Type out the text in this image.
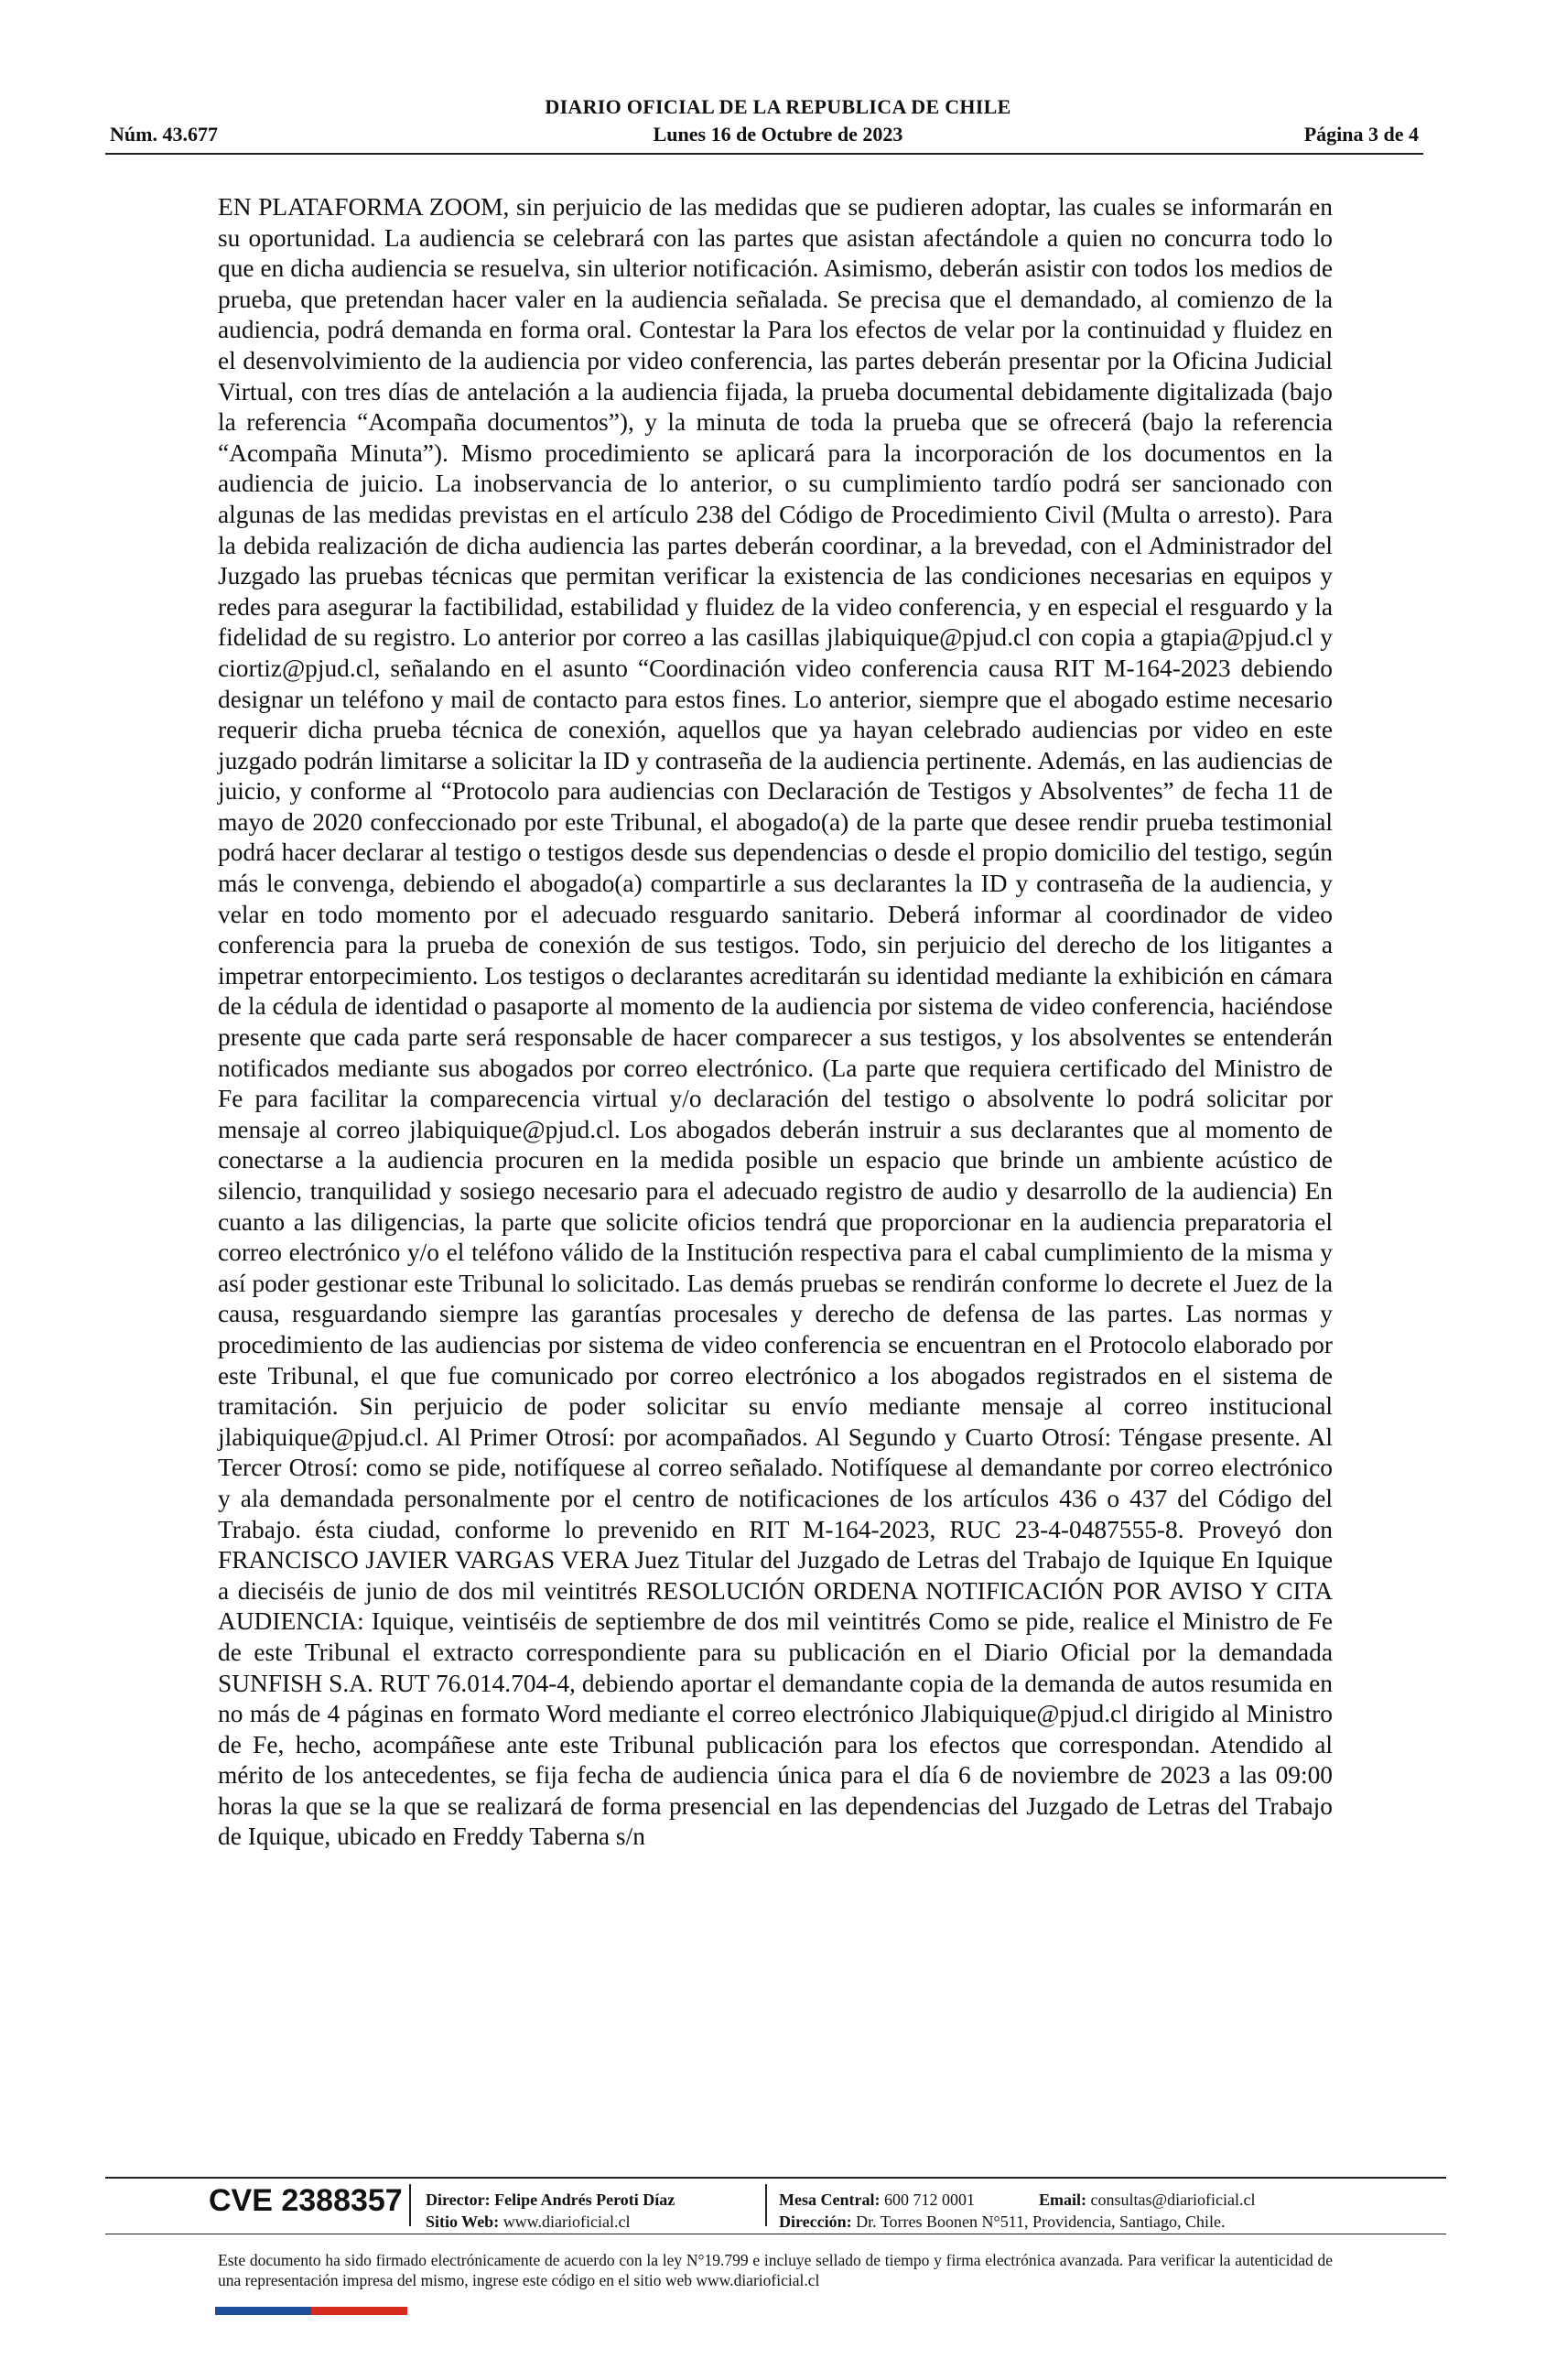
DIARIO OFICIAL DE LA REPUBLICA DE CHILE
Núm. 43.677	Lunes 16 de Octubre de 2023	Página 3 de 4
EN PLATAFORMA ZOOM, sin perjuicio de las medidas que se pudieren adoptar, las cuales se informarán en su oportunidad. La audiencia se celebrará con las partes que asistan afectándole a quien no concurra todo lo que en dicha audiencia se resuelva, sin ulterior notificación. Asimismo, deberán asistir con todos los medios de prueba, que pretendan hacer valer en la audiencia señalada. Se precisa que el demandado, al comienzo de la audiencia, podrá demanda en forma oral. Contestar la Para los efectos de velar por la continuidad y fluidez en el desenvolvimiento de la audiencia por video conferencia, las partes deberán presentar por la Oficina Judicial Virtual, con tres días de antelación a la audiencia fijada, la prueba documental debidamente digitalizada (bajo la referencia “Acompaña documentos”), y la minuta de toda la prueba que se ofrecerá (bajo la referencia “Acompaña Minuta”). Mismo procedimiento se aplicará para la incorporación de los documentos en la audiencia de juicio. La inobservancia de lo anterior, o su cumplimiento tardío podrá ser sancionado con algunas de las medidas previstas en el artículo 238 del Código de Procedimiento Civil (Multa o arresto). Para la debida realización de dicha audiencia las partes deberán coordinar, a la brevedad, con el Administrador del Juzgado las pruebas técnicas que permitan verificar la existencia de las condiciones necesarias en equipos y redes para asegurar la factibilidad, estabilidad y fluidez de la video conferencia, y en especial el resguardo y la fidelidad de su registro. Lo anterior por correo a las casillas jlabiquique@pjud.cl con copia a gtapia@pjud.cl y ciortiz@pjud.cl, señalando en el asunto “Coordinación video conferencia causa RIT M-164-2023 debiendo designar un teléfono y mail de contacto para estos fines. Lo anterior, siempre que el abogado estime necesario requerir dicha prueba técnica de conexión, aquellos que ya hayan celebrado audiencias por video en este juzgado podrán limitarse a solicitar la ID y contraseña de la audiencia pertinente. Además, en las audiencias de juicio, y conforme al “Protocolo para audiencias con Declaración de Testigos y Absolventes” de fecha 11 de mayo de 2020 confeccionado por este Tribunal, el abogado(a) de la parte que desee rendir prueba testimonial podrá hacer declarar al testigo o testigos desde sus dependencias o desde el propio domicilio del testigo, según más le convenga, debiendo el abogado(a) compartirle a sus declarantes la ID y contraseña de la audiencia, y velar en todo momento por el adecuado resguardo sanitario. Deberá informar al coordinador de video conferencia para la prueba de conexión de sus testigos. Todo, sin perjuicio del derecho de los litigantes a impetrar entorpecimiento. Los testigos o declarantes acreditarán su identidad mediante la exhibición en cámara de la cédula de identidad o pasaporte al momento de la audiencia por sistema de video conferencia, haciéndose presente que cada parte será responsable de hacer comparecer a sus testigos, y los absolventes se entenderán notificados mediante sus abogados por correo electrónico. (La parte que requiera certificado del Ministro de Fe para facilitar la comparecencia virtual y/o declaración del testigo o absolvente lo podrá solicitar por mensaje al correo jlabiquique@pjud.cl. Los abogados deberán instruir a sus declarantes que al momento de conectarse a la audiencia procuren en la medida posible un espacio que brinde un ambiente acústico de silencio, tranquilidad y sosiego necesario para el adecuado registro de audio y desarrollo de la audiencia) En cuanto a las diligencias, la parte que solicite oficios tendrá que proporcionar en la audiencia preparatoria el correo electrónico y/o el teléfono válido de la Institución respectiva para el cabal cumplimiento de la misma y así poder gestionar este Tribunal lo solicitado. Las demás pruebas se rendirán conforme lo decrete el Juez de la causa, resguardando siempre las garantías procesales y derecho de defensa de las partes. Las normas y procedimiento de las audiencias por sistema de video conferencia se encuentran en el Protocolo elaborado por este Tribunal, el que fue comunicado por correo electrónico a los abogados registrados en el sistema de tramitación. Sin perjuicio de poder solicitar su envío mediante mensaje al correo institucional jlabiquique@pjud.cl. Al Primer Otrosí: por acompañados. Al Segundo y Cuarto Otrosí: Téngase presente. Al Tercer Otrosí: como se pide, notifíquese al correo señalado. Notifíquese al demandante por correo electrónico y ala demandada personalmente por el centro de notificaciones de los artículos 436 o 437 del Código del Trabajo. ésta ciudad, conforme lo prevenido en RIT M-164-2023, RUC 23-4-0487555-8. Proveyó don FRANCISCO JAVIER VARGAS VERA Juez Titular del Juzgado de Letras del Trabajo de Iquique En Iquique a dieciséis de junio de dos mil veintitrés RESOLUCIÓN ORDENA NOTIFICACIÓN POR AVISO Y CITA AUDIENCIA: Iquique, veintiséis de septiembre de dos mil veintitrés Como se pide, realice el Ministro de Fe de este Tribunal el extracto correspondiente para su publicación en el Diario Oficial por la demandada SUNFISH S.A. RUT 76.014.704-4, debiendo aportar el demandante copia de la demanda de autos resumida en no más de 4 páginas en formato Word mediante el correo electrónico Jlabiquique@pjud.cl dirigido al Ministro de Fe, hecho, acompáñese ante este Tribunal publicación para los efectos que correspondan. Atendido al mérito de los antecedentes, se fija fecha de audiencia única para el día 6 de noviembre de 2023 a las 09:00 horas la que se la que se realizará de forma presencial en las dependencias del Juzgado de Letras del Trabajo de Iquique, ubicado en Freddy Taberna s/n
CVE 2388357 Director: Felipe Andrés Peroti Díaz
Sitio Web: www.diarioficial.cl
Mesa Central: 600 712 0001
Dirección: Dr. Torres Boonen N°511, Providencia, Santiago, Chile.
Email: consultas@diarioficial.cl
Este documento ha sido firmado electrónicamente de acuerdo con la ley N°19.799 e incluye sellado de tiempo y firma electrónica avanzada. Para verificar la autenticidad de una representación impresa del mismo, ingrese este código en el sitio web www.diarioficial.cl
